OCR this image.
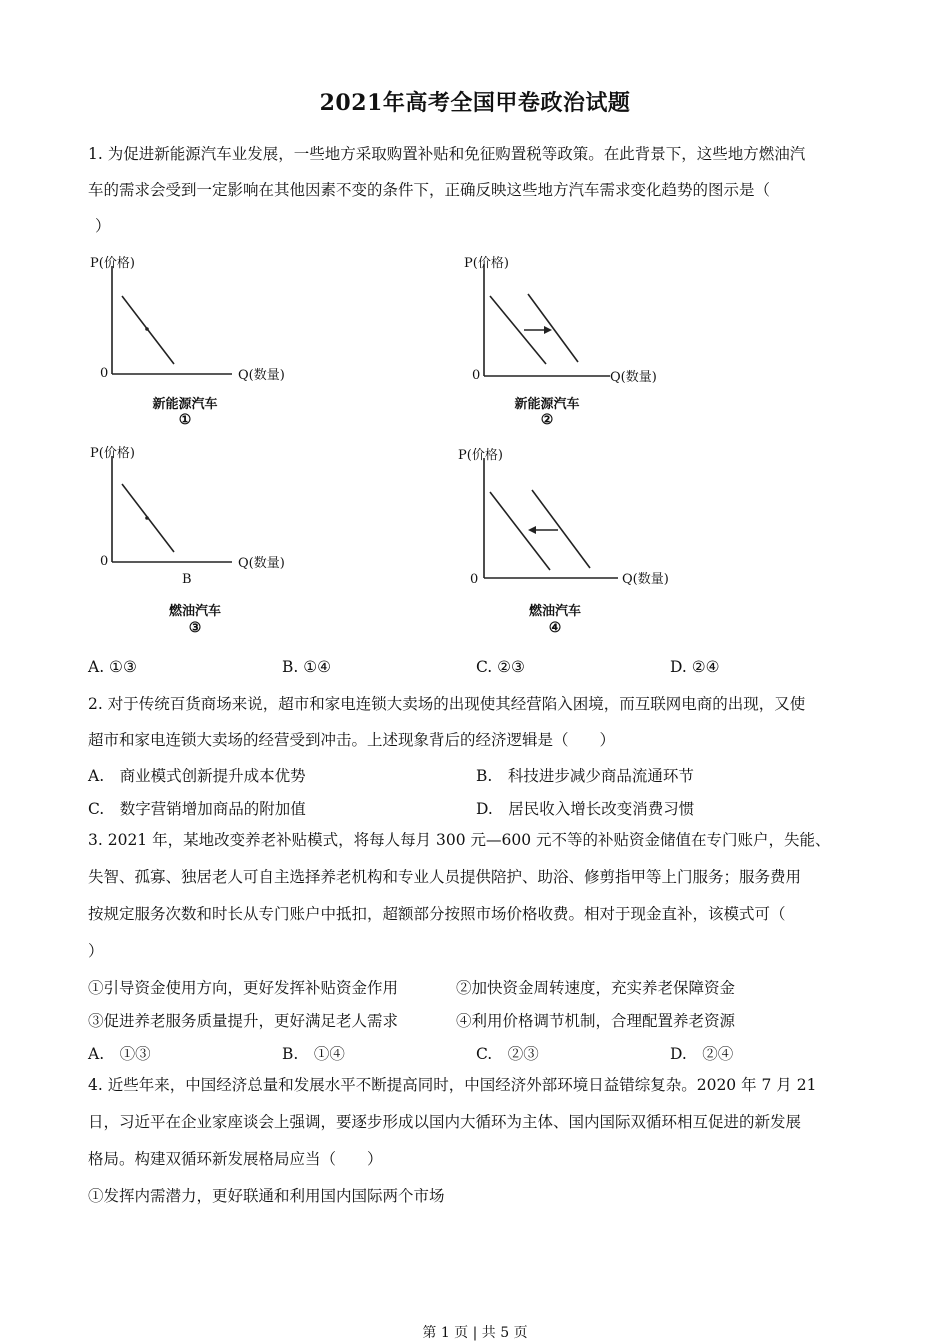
2021年高考全国甲卷政治试题
1. 为促进新能源汽车业发展，一些地方采取购置补贴和免征购置税等政策。在此背景下，这些地方燃油汽
车的需求会受到一定影响在其他因素不变的条件下，正确反映这些地方汽车需求变化趋势的图示是（
）
P(价格)
Q(数量)
0
新能源汽车
①
P(价格)
Q(数量)
0
新能源汽车
②
P(价格)
Q(数量)
0
B
燃油汽车
③
P(价格)
Q(数量)
0
燃油汽车
④
A. ①③	B. ①④	C. ②③	D. ②④
2. 对于传统百货商场来说，超市和家电连锁大卖场的出现使其经营陷入困境，而互联网电商的出现，又使
超市和家电连锁大卖场的经营受到冲击。上述现象背后的经济逻辑是（　　）
A.　商业模式创新提升成本优势	B.　科技进步减少商品流通环节
C.　数字营销增加商品的附加值	D.　居民收入增长改变消费习惯
3. 2021 年，某地改变养老补贴模式，将每人每月 300 元—600 元不等的补贴资金储值在专门账户，失能、
失智、孤寡、独居老人可自主选择养老机构和专业人员提供陪护、助浴、修剪指甲等上门服务；服务费用
按规定服务次数和时长从专门账户中抵扣，超额部分按照市场价格收费。相对于现金直补，该模式可（
）
①引导资金使用方向，更好发挥补贴资金作用	②加快资金周转速度，充实养老保障资金
③促进养老服务质量提升，更好满足老人需求	④利用价格调节机制，合理配置养老资源
A.　①③	B.　①④	C.　②③	D.　②④
4. 近些年来，中国经济总量和发展水平不断提高同时，中国经济外部环境日益错综复杂。2020 年 7 月 21
日，习近平在企业家座谈会上强调，要逐步形成以国内大循环为主体、国内国际双循环相互促进的新发展
格局。构建双循环新发展格局应当（　　）
①发挥内需潜力，更好联通和利用国内国际两个市场
第 1 页 | 共 5 页
